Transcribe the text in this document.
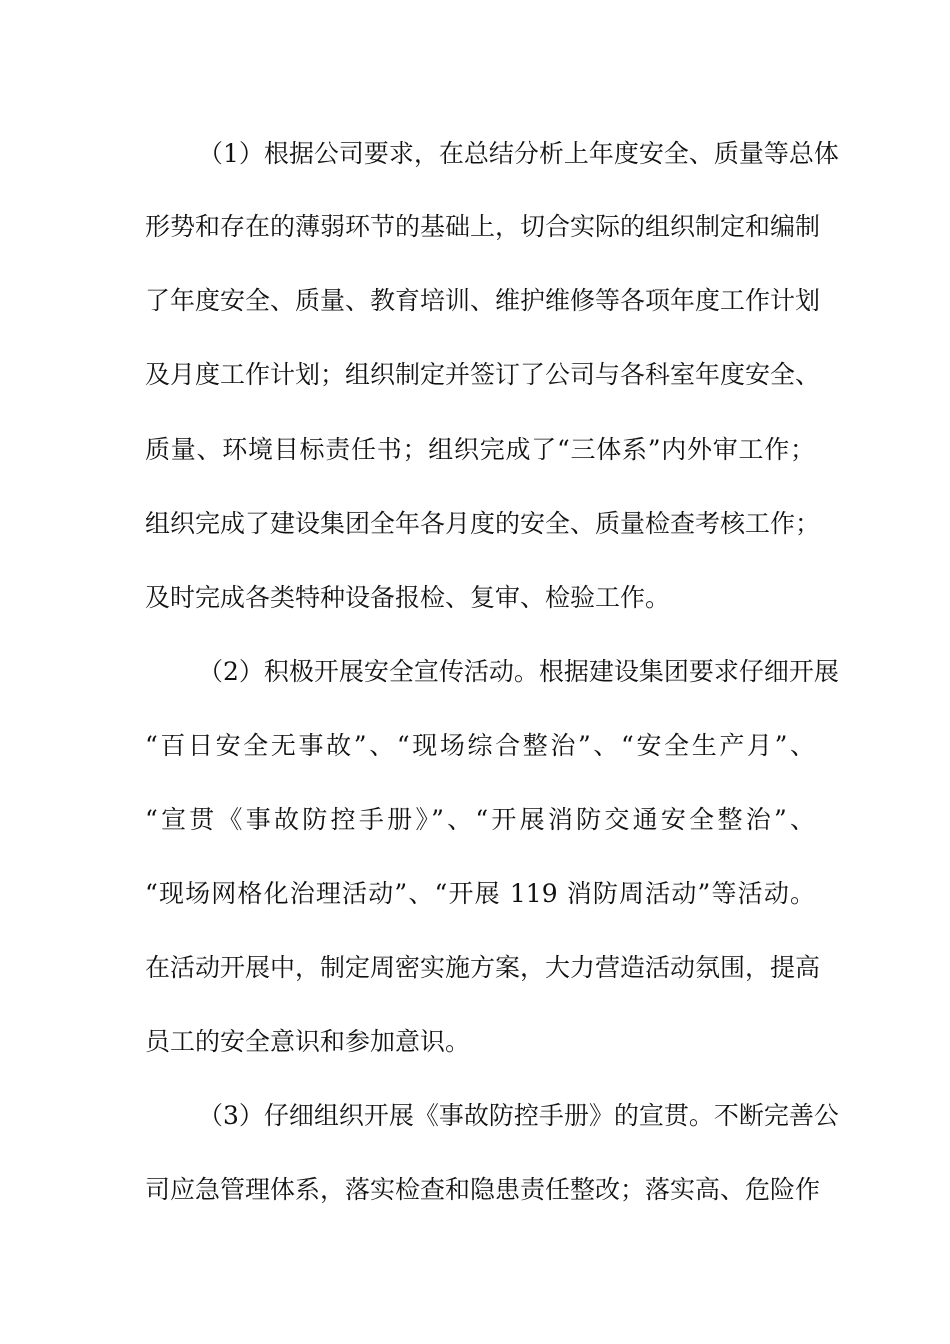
（1）根据公司要求，在总结分析上年度安全、质量等总体
形势和存在的薄弱环节的基础上，切合实际的组织制定和编制
了年度安全、质量、教育培训、维护维修等各项年度工作计划
及月度工作计划；组织制定并签订了公司与各科室年度安全、
质量、环境目标责任书；组织完成了“三体系”内外审工作；
组织完成了建设集团全年各月度的安全、质量检查考核工作；
及时完成各类特种设备报检、复审、检验工作。
（2）积极开展安全宣传活动。根据建设集团要求仔细开展
“百日安全无事故”、“现场综合整治”、“安全生产月”、
“宣贯《事故防控手册》”、“开展消防交通安全整治”、
“现场网格化治理活动”、“开展 119 消防周活动”等活动。
在活动开展中，制定周密实施方案，大力营造活动氛围，提高
员工的安全意识和参加意识。
（3）仔细组织开展《事故防控手册》的宣贯。不断完善公
司应急管理体系，落实检查和隐患责任整改；落实高、危险作
